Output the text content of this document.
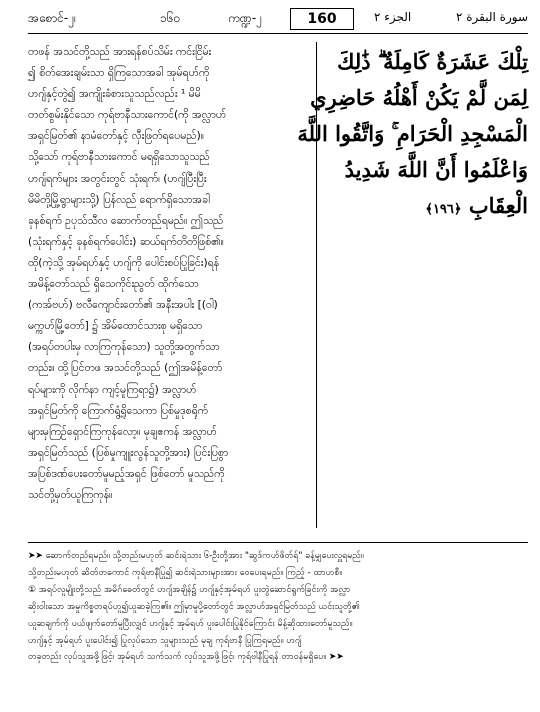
အစောင်-၂၊	၁၆၀	ကဏ္ဍ-၂	160	الجزء ٢	سورة البقرة ٢

တဖန် အသင်တို့သည် အားရန်စပ်သိမ်း ကင်းငြိမ်း

၍ စိတ်အေးချမ်းသာ ရှိကြသောအခါ အုမ်ရဟ်ကို

ဟဂျ်နှင့်တွဲ၍ အကျိုးခံစားသူသည်လည်း ¹ မိမိ

တတ်စွမ်းနိုင်သော ကုရ်ဗာနီသားကောင်(ကို အလ္လာဟ်

အရှင်မြတ်၏ နာမံတော်နှင့် လှီးဖြတ်ရပေမည်)။

သို့သော် ကုရ်ဗာနီသားကောင် မရရှိသောသူသည်

ဟဂျ်ရက်များ အတွင်းတွင် သုံးရက်၊ (ဟဂျ်ပြီးပြီး

မိမိတို့မြို့ရွာများသို့) ပြန်လည် ရောက်ရှိသောအခါ

ခုနစ်ရက် ဥပုသ်သီလ ဆောက်တည်ရမည်။ ဤသည်

(သုံးရက်နှင့် ခုနစ်ရက်ပေါင်း) ဆယ်ရက်တိတိဖြစ်၏။

ထို(ကဲ့သို့ အုမ်ရဟ်နှင့် ဟဂျ်ကို ပေါင်းစပ်ပြုခြင်း)ရန်

အမိန့်တော်သည် ရှိသေကိုင်းညွတ် ထိုက်သော

(ကအ်ဗဟ်) ဗလီကျောင်းတော်၏ အနီးအပါး [(ဝါ)

မက္ကဟ်မြို့တော်] ၌ အိမ်ထောင်သားစု မရှိသော

(အရပ်တပါးမှ လာကြကုန်သော) သူတို့အတွက်သာ

တည်း။ ထို့ပြင်တဖ အသင်တို့သည် (ဤအမိန့်တော်

ရပ်များကို လိုက်နာ ကျင့်မူကြရာ၌) အလ္လာဟ်

အရှင်မြတ်ကို ကြောက်ရွံ့ရိုသေကာ ပြစ်မှုဒုစရိုက်

များမှကြဉ်ရှောင်ကြကုန်လော့။ မုချဧကန် အလ္လာဟ်

အရှင်မြတ်သည် (ပြစ်မှုကျူးလွန်သူတို့အား) ပြင်းပြစွာ

အပြစ်ဒဏ်ပေးတော်မူမည့်အရှင် ဖြစ်တော် မူသည်ကို

သင်တို့မှတ်ယူကြကုန်။

تِلْكَ عَشَرَةٌ كَامِلَةٌ ۗ ذَٰلِكَ

لِمَن لَّمْ يَكُنْ أَهْلُهُ حَاضِرِي

الْمَسْجِدِ الْحَرَامِ ۚ وَاتَّقُوا اللَّهَ

وَاعْلَمُوا أَنَّ اللَّهَ شَدِيدُ

الْعِقَابِ ﴿١٩٦﴾

➤➤ ဆောက်တည်ရမည်။ သို့တည်းမဟုတ် ဆင်းရဲသား ၆-ဦးတို့အား "ဆွဒ်ကဟ်ဖိတ်ရ်" ခန့်မျှပေးလှူရမည်။

သို့တည်းမဟုတ် ဆိတ်တကောင် ကုရ်ဗာနီပြု၍ ဆင်းရဲသားများအား ဝေပေးရမည်။ ကြည့် - ထာဟစီ။

① အရပ်လူမျိုးတို့သည် အမိဂ်ဓေတ်တွင် ဟဂျ်အချိန်၌ ဟဂျ်နှင့်အုမ်ရဟ် ပူးတွဲဆောင်ရွက်ခြင်းကို အလ္လာ

ဆိုးဝါးသော အမှုကိစ္စတရပ်ဟူ၍ယူဆခဲ့ကြ၏။ ဤမှာမူပို့တော်တွင် အလ္လာဟ်အရှင်မြတ်သည် ယင်းသူတို့၏

ယူဆချက်ကို ပယ်ဖျက်တော်မူပြီးလျှင် ဟဂျ်နှင့် အုမ်ရဟ် ပူးပေါင်းပြုနိုင်ကြောင်း မိန့်ဆိုထားတော်မူသည်။

ဟဂျ်နှင့် အုမ်ရဟ် ပူးပေါင်း၍ ပြုလုပ်သော သူများသည် မုချ ကုရ်ဗာနီ ပြုကြရမည်။ ဟဂျ်

တခုတည်း လုပ်သူအဖို့ဖြင့်၊ အုမ်ရဟ် သက်သက် လုပ်သူအဖို့ဖြင့်၊ ကုရ်ဗါနီပြုရန် တာဝန်မရှိပေ။ ➤➤
